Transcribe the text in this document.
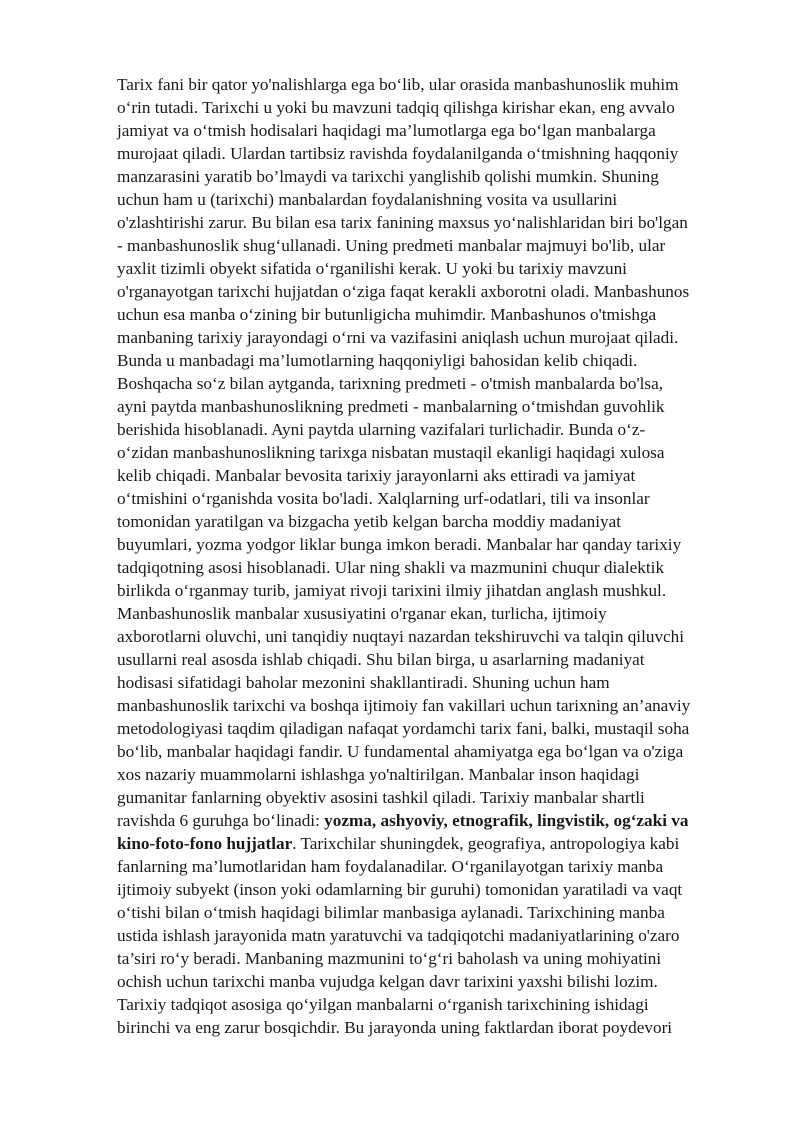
Tarix fani bir qator yo'nalishlarga ega bo‘lib, ular orasida manbashunoslik muhim
o‘rin tutadi. Tarixchi u yoki bu mavzuni tadqiq qilishga kirishar ekan, eng avvalo
jamiyat va o‘tmish hodisalari haqidagi ma’lumotlarga ega bo‘lgan manbalarga
murojaat qiladi. Ulardan tartibsiz ravishda foydalanilganda o‘tmishning haqqoniy
manzarasini yaratib bo’lmaydi va tarixchi yanglishib qolishi mumkin. Shuning
uchun ham u (tarixchi) manbalardan foydalanishning vosita va usullarini
o'zlashtirishi zarur. Bu bilan esa tarix fanining maxsus yo‘nalishlaridan biri bo'lgan
- manbashunoslik shug‘ullanadi. Uning predmeti manbalar majmuyi bo'lib, ular
yaxlit tizimli obyekt sifatida o‘rganilishi kerak. U yoki bu tarixiy mavzuni
o'rganayotgan tarixchi hujjatdan o‘ziga faqat kerakli axborotni oladi. Manbashunos
uchun esa manba o‘zining bir butunligicha muhimdir. Manbashunos o'tmishga
manbaning tarixiy jarayondagi o‘rni va vazifasini aniqlash uchun murojaat qiladi.
Bunda u manbadagi ma’lumotlarning haqqoniyligi bahosidan kelib chiqadi.
Boshqacha so‘z bilan aytganda, tarixning predmeti - o'tmish manbalarda bo'lsa,
ayni paytda manbashunoslikning predmeti - manbalarning o‘tmishdan guvohlik
berishida hisoblanadi. Ayni paytda ularning vazifalari turlichadir. Bunda o‘z-
o‘zidan manbashunoslikning tarixga nisbatan mustaqil ekanligi haqidagi xulosa
kelib chiqadi. Manbalar bevosita tarixiy jarayonlarni aks ettiradi va jamiyat
o‘tmishini o‘rganishda vosita bo'ladi. Xalqlarning urf-odatlari, tili va insonlar
tomonidan yaratilgan va bizgacha yetib kelgan barcha moddiy madaniyat
buyumlari, yozma yodgor liklar bunga imkon beradi. Manbalar har qanday tarixiy
tadqiqotning asosi hisoblanadi. Ular ning shakli va mazmunini chuqur dialektik
birlikda o‘rganmay turib, jamiyat rivoji tarixini ilmiy jihatdan anglash mushkul.
Manbashunoslik manbalar xususiyatini o'rganar ekan, turlicha, ijtimoiy
axborotlarni oluvchi, uni tanqidiy nuqtayi nazardan tekshiruvchi va talqin qiluvchi
usullarni real asosda ishlab chiqadi. Shu bilan birga, u asarlarning madaniyat
hodisasi sifatidagi baholar mezonini shakllantiradi. Shuning uchun ham
manbashunoslik tarixchi va boshqa ijtimoiy fan vakillari uchun tarixning an’anaviy
metodologiyasi taqdim qiladigan nafaqat yordamchi tarix fani, balki, mustaqil soha
bo‘lib, manbalar haqidagi fandir. U fundamental ahamiyatga ega bo‘lgan va o'ziga
xos nazariy muammolarni ishlashga yo'naltirilgan. Manbalar inson haqidagi
gumanitar fanlarning obyektiv asosini tashkil qiladi. Tarixiy manbalar shartli
ravishda 6 guruhga bo‘linadi: yozma, ashyoviy, etnografik, lingvistik, og‘zaki va
kino-foto-fono hujjatlar. Tarixchilar shuningdek, geografiya, antropologiya kabi
fanlarning ma’lumotlaridan ham foydalanadilar. O‘rganilayotgan tarixiy manba
ijtimoiy subyekt (inson yoki odamlarning bir guruhi) tomonidan yaratiladi va vaqt
o‘tishi bilan o‘tmish haqidagi bilimlar manbasiga aylanadi. Tarixchining manba
ustida ishlash jarayonida matn yaratuvchi va tadqiqotchi madaniyatlarining o'zaro
ta’siri ro‘y beradi. Manbaning mazmunini to‘g‘ri baholash va uning mohiyatini
ochish uchun tarixchi manba vujudga kelgan davr tarixini yaxshi bilishi lozim.
Tarixiy tadqiqot asosiga qo‘yilgan manbalarni o‘rganish tarixchining ishidagi
birinchi va eng zarur bosqichdir. Bu jarayonda uning faktlardan iborat poydevori
